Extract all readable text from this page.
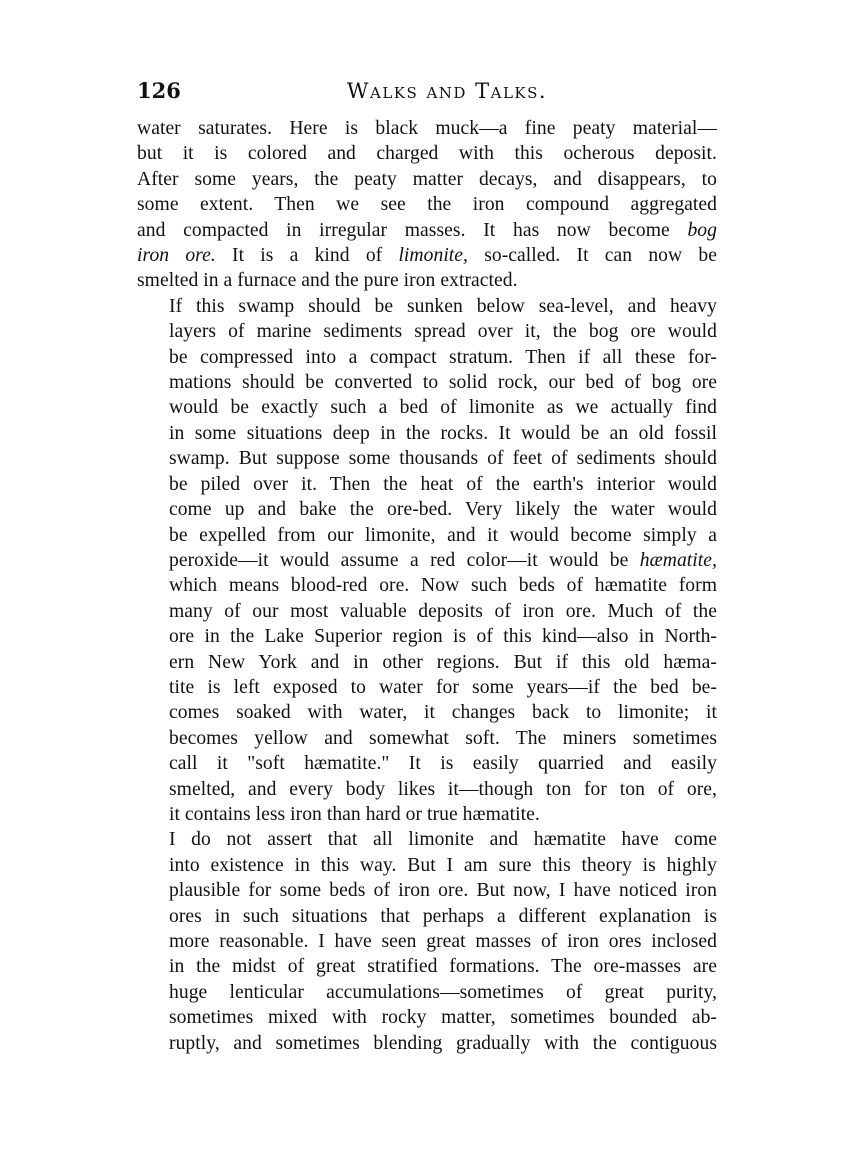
126	Walks and Talks.

water saturates. Here is black muck—a fine peaty material—
but it is colored and charged with this ocherous deposit.
After some years, the peaty matter decays, and disappears, to
some extent. Then we see the iron compound aggregated
and compacted in irregular masses. It has now become bog
iron ore. It is a kind of limonite, so-called. It can now be
smelted in a furnace and the pure iron extracted.

If this swamp should be sunken below sea-level, and heavy
layers of marine sediments spread over it, the bog ore would
be compressed into a compact stratum. Then if all these for-
mations should be converted to solid rock, our bed of bog ore
would be exactly such a bed of limonite as we actually find
in some situations deep in the rocks. It would be an old fossil
swamp. But suppose some thousands of feet of sediments should
be piled over it. Then the heat of the earth's interior would
come up and bake the ore-bed. Very likely the water would
be expelled from our limonite, and it would become simply a
peroxide—it would assume a red color—it would be hæmatite,
which means blood-red ore. Now such beds of hæmatite form
many of our most valuable deposits of iron ore. Much of the
ore in the Lake Superior region is of this kind—also in North-
ern New York and in other regions. But if this old hæma-
tite is left exposed to water for some years—if the bed be-
comes soaked with water, it changes back to limonite; it
becomes yellow and somewhat soft. The miners sometimes
call it "soft hæmatite." It is easily quarried and easily
smelted, and every body likes it—though ton for ton of ore,
it contains less iron than hard or true hæmatite.

I do not assert that all limonite and hæmatite have come
into existence in this way. But I am sure this theory is highly
plausible for some beds of iron ore. But now, I have noticed iron
ores in such situations that perhaps a different explanation is
more reasonable. I have seen great masses of iron ores inclosed
in the midst of great stratified formations. The ore-masses are
huge lenticular accumulations—sometimes of great purity,
sometimes mixed with rocky matter, sometimes bounded ab-
ruptly, and sometimes blending gradually with the contiguous
